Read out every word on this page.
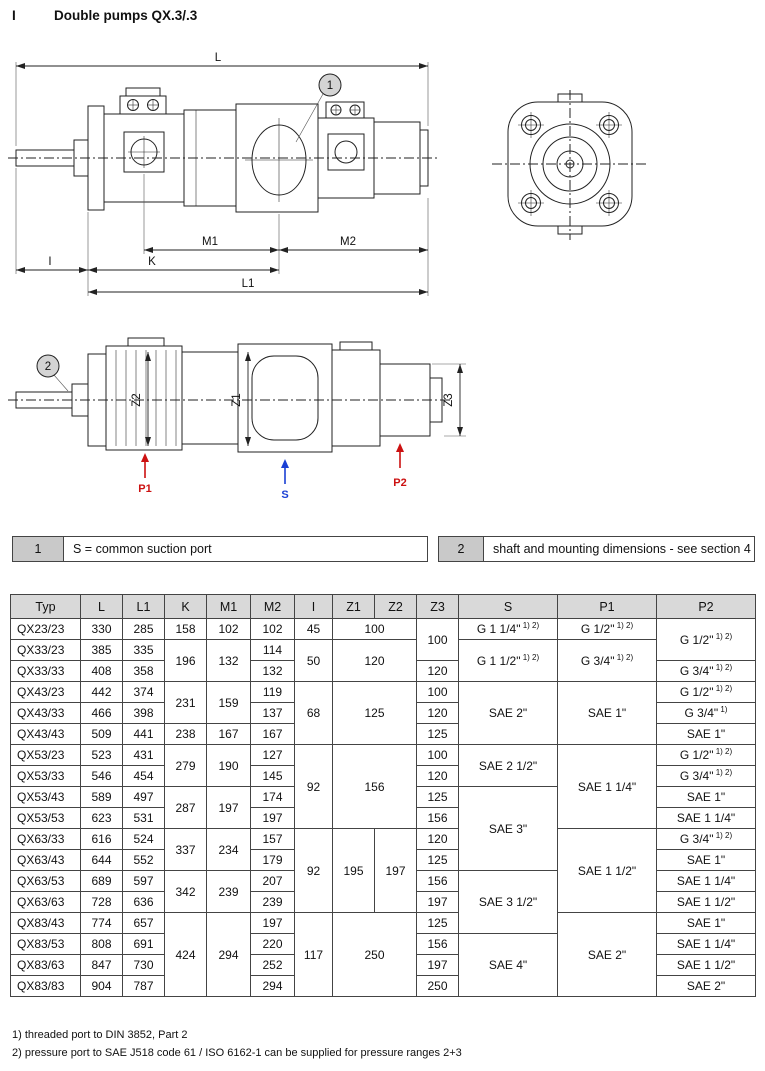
I	Double pumps QX.3/.3
L
1
M1	M2
I	K
L1
2
Z2	Z1	Z3
P1	S
P2
1	S = common suction port	2	shaft and mounting dimensions - see section 4
Typ	L	L1	K	M1	M2	I	Z1	Z2	Z3	S	P1	P2
QX23/23	330	285	158	102	102	45	100		100	G 1 1/4" $^{1) 2)}$	G 1/2" $^{1) 2)}$	G 1/2" $^{1) 2)}$
QX33/23	385	335	196	132	114	50	120			G 1 1/2" $^{1) 2)}$	G 3/4" $^{1) 2)}$
QX33/33	408	358			132				120			G 3/4" $^{1) 2)}$
QX43/23	442	374	231	159	119	68	125		100	SAE 2"	SAE 1"	G 1/2" $^{1) 2)}$
QX43/33	466	398			137				120			G 3/4" $^{1)}$
QX43/43	509	441	238	167	167				125			SAE 1"
QX53/23	523	431	279	190	127	92	156		100	SAE 2 1/2"	SAE 1 1/4"	G 1/2" $^{1) 2)}$
QX53/33	546	454			145				120			G 3/4" $^{1) 2)}$
QX53/43	589	497	287	197	174				125	SAE 3"		SAE 1"
QX53/53	623	531			197				156			SAE 1 1/4"
QX63/33	616	524	337	234	157	92	195	197	120		SAE 1 1/2"	G 3/4" $^{1) 2)}$
QX63/43	644	552			179				125			SAE 1"
QX63/53	689	597	342	239	207				156	SAE 3 1/2"		SAE 1 1/4"
QX63/63	728	636			239				197			SAE 1 1/2"
QX83/43	774	657	424	294	197	117	250		125		SAE 2"	SAE 1"
QX83/53	808	691			220				156	SAE 4"		SAE 1 1/4"
QX83/63	847	730			252				197			SAE 1 1/2"
QX83/83	904	787			294				250			SAE 2"
1) threaded port to DIN 3852, Part 2
2) pressure port to SAE J518 code 61 / ISO 6162-1 can be supplied for pressure ranges 2+3
